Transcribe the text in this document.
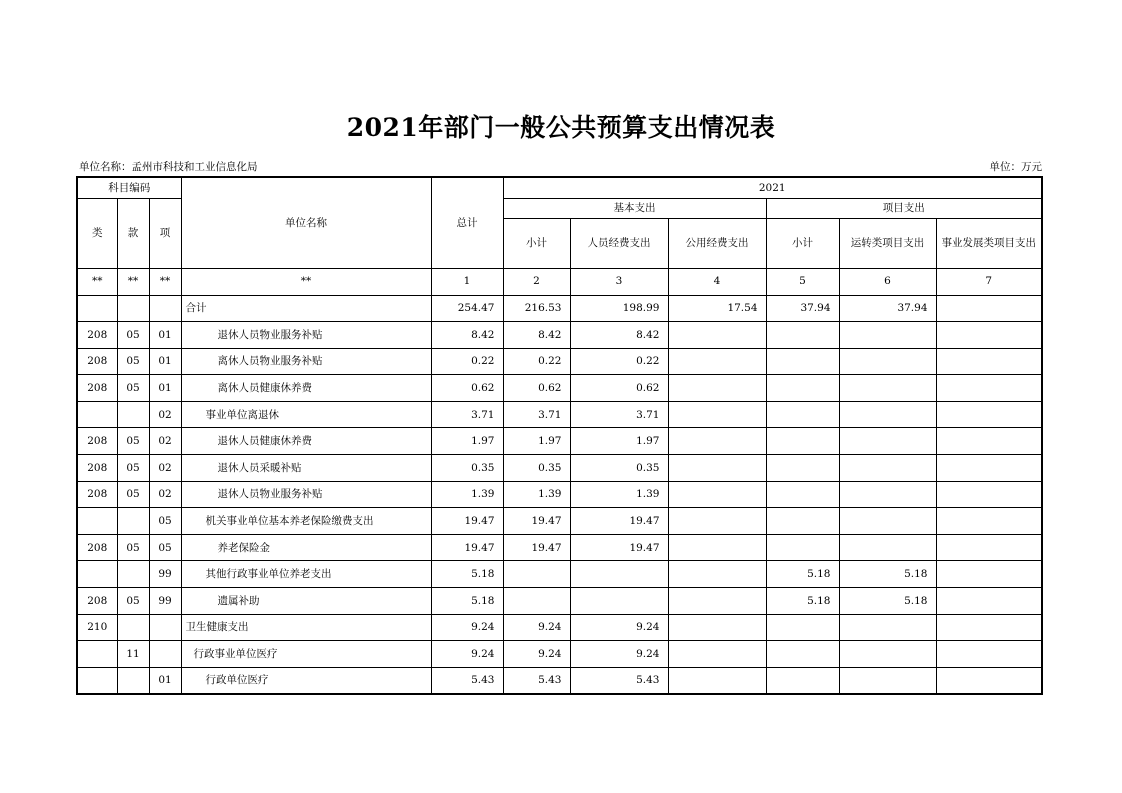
2021年部门一般公共预算支出情况表
单位名称：孟州市科技和工业信息化局	单位：万元
科目编码			单位名称	总计	2021					
类	款	项			基本支出			项目支出		
					小计	人员经费支出	公用经费支出	小计	运转类项目支出	事业发展类项目支出
**	**	**	**	1	2	3	4	5	6	7
			合计	254.47	216.53	198.99	17.54	37.94	37.94	
208	05	01	退休人员物业服务补贴	8.42	8.42	8.42				
208	05	01	离休人员物业服务补贴	0.22	0.22	0.22				
208	05	01	离休人员健康休养费	0.62	0.62	0.62				
		02	事业单位离退休	3.71	3.71	3.71				
208	05	02	退休人员健康休养费	1.97	1.97	1.97				
208	05	02	退休人员采暖补贴	0.35	0.35	0.35				
208	05	02	退休人员物业服务补贴	1.39	1.39	1.39				
		05	机关事业单位基本养老保险缴费支出	19.47	19.47	19.47				
208	05	05	养老保险金	19.47	19.47	19.47				
		99	其他行政事业单位养老支出	5.18				5.18	5.18	
208	05	99	遗属补助	5.18				5.18	5.18	
210			卫生健康支出	9.24	9.24	9.24				
	11		行政事业单位医疗	9.24	9.24	9.24				
		01	行政单位医疗	5.43	5.43	5.43				
